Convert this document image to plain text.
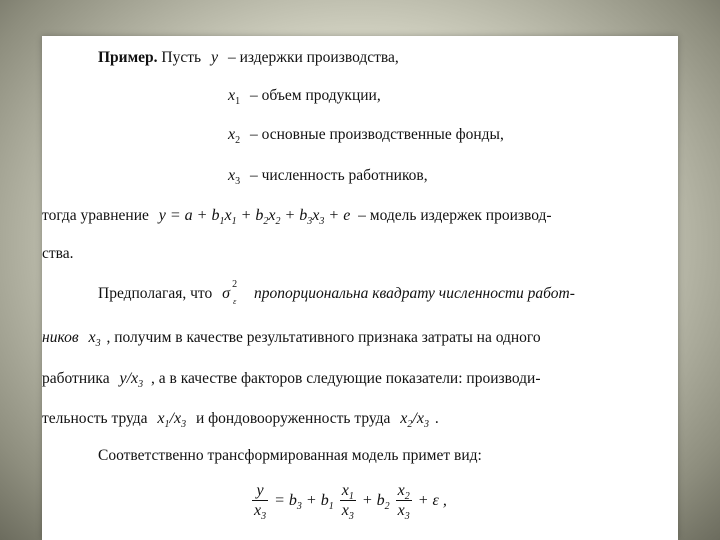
Пример. Пусть y – издержки производства,
$x_1$ – объем продукции,
$x_2$ – основные производственные фонды,
$x_3$ – численность работников,
тогда уравнение $y = a + b_1x_1 + b_2x_2 + b_3x_3 + e$ – модель издержек производ-
ства.
Предполагая, что σ
2
ε пропорциональна квадрату численности работ-
ников $x_3$ , получим в качестве результативного признака затраты на одного
работника $y/x_3$ , а в качестве факторов следующие показатели: производи-
тельность труда $x_1/x_3$ и фондовооруженность труда $x_2/x_3$ .
Соответственно трансформированная модель примет вид:
$\frac{y}{x_3} = b_3 + b_1 \frac{x_1}{x_3} + b_2 \frac{x_2}{x_3} + \varepsilon$ ,
